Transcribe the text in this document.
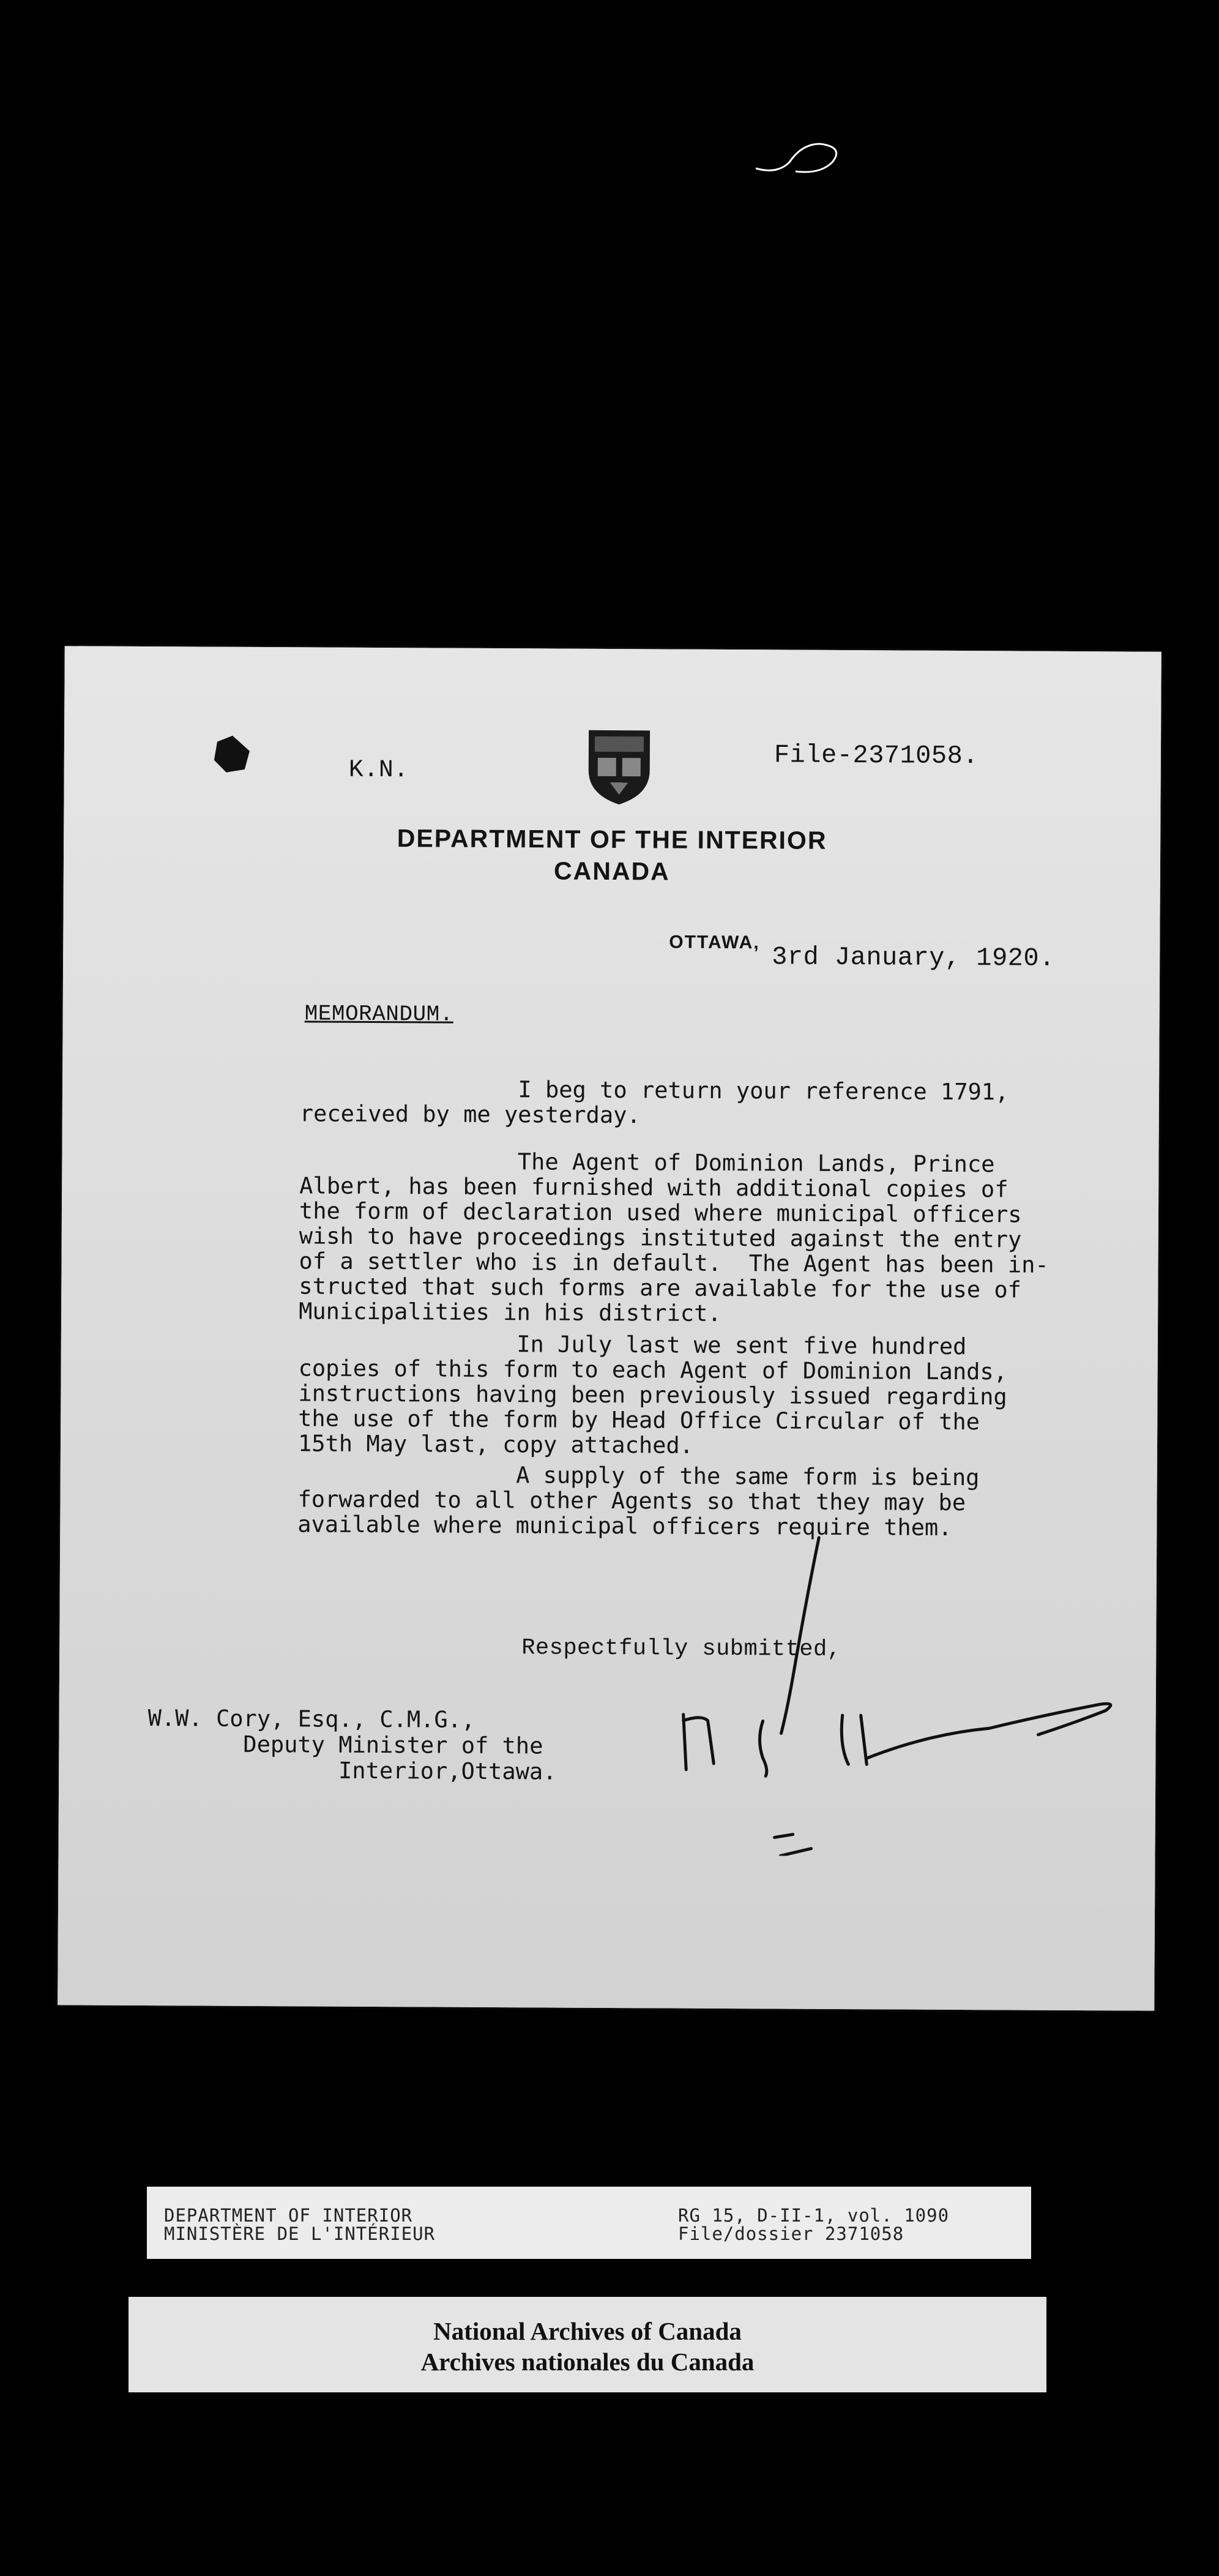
K.N.	File-2371058.
DEPARTMENT OF THE INTERIOR
CANADA
OTTAWA, 3rd January, 1920.
MEMORANDUM.
I beg to return your reference 1791,
received by me yesterday.
The Agent of Dominion Lands, Prince
Albert, has been furnished with additional copies of
the form of declaration used where municipal officers
wish to have proceedings instituted against the entry
of a settler who is in default.  The Agent has been in-
structed that such forms are available for the use of
Municipalities in his district.
In July last we sent five hundred
copies of this form to each Agent of Dominion Lands,
instructions having been previously issued regarding
the use of the form by Head Office Circular of the
15th May last, copy attached.
A supply of the same form is being
forwarded to all other Agents so that they may be
available where municipal officers require them.
Respectfully submitted,
W.W. Cory, Esq., C.M.G.,
Deputy Minister of the
Interior,Ottawa.
DEPARTMENT OF INTERIOR
MINISTÈRE DE L'INTÉRIEUR
RG 15, D-II-1, vol. 1090
File/dossier 2371058
National Archives of Canada
Archives nationales du Canada
